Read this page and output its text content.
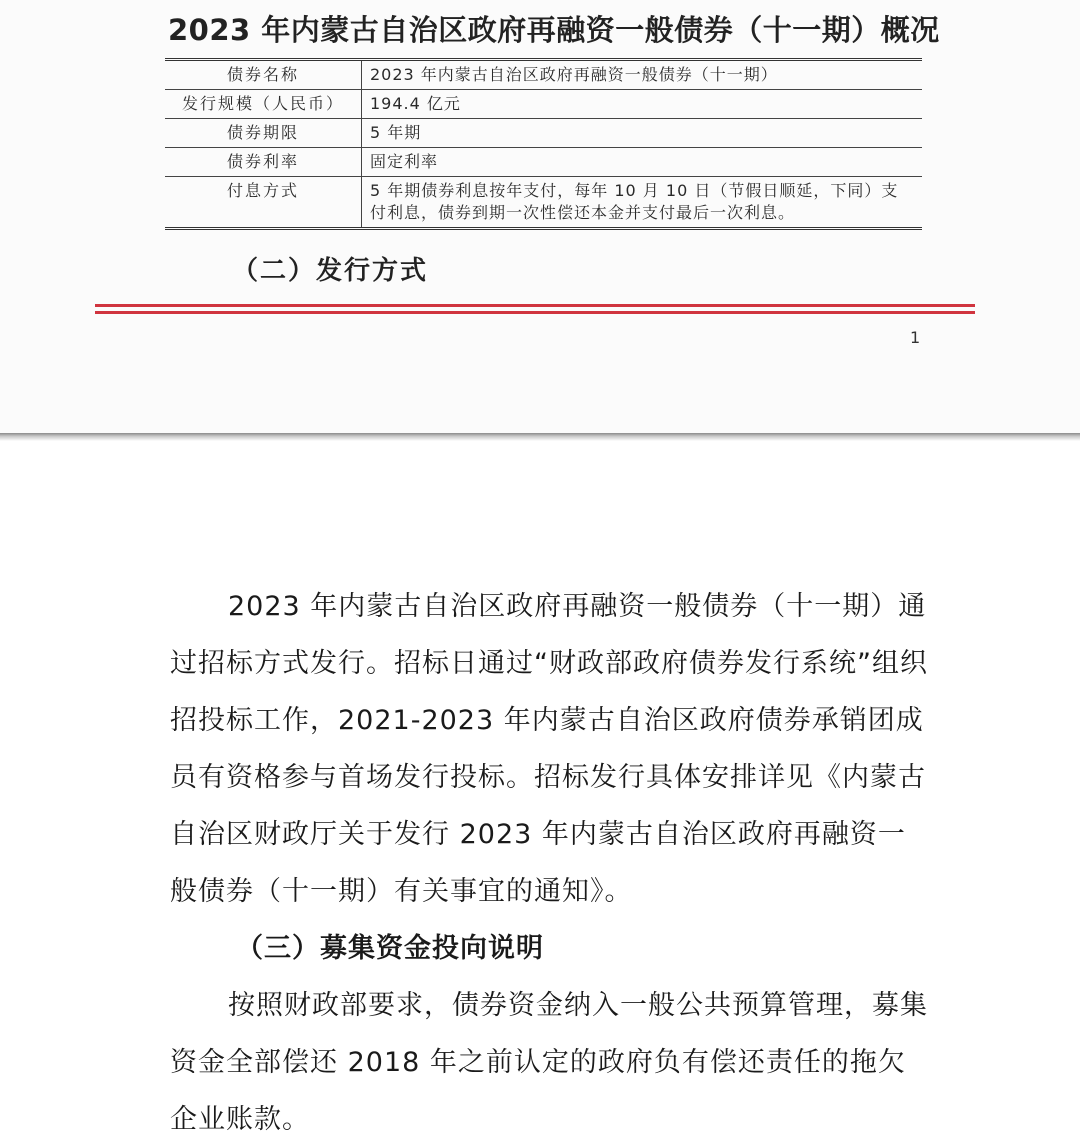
2023 年内蒙古自治区政府再融资一般债券（十一期）概况
债券名称	2023 年内蒙古自治区政府再融资一般债券（十一期）
发行规模（人民币）	194.4 亿元
债券期限	5 年期
债券利率	固定利率
付息方式	5 年期债券利息按年支付，每年 10 月 10 日（节假日顺延，下同）支付利息，债券到期一次性偿还本金并支付最后一次利息。
（二）发行方式
1

2023 年内蒙古自治区政府再融资一般债券（十一期）通过招标方式发行。招标日通过“财政部政府债券发行系统”组织招投标工作，2021-2023 年内蒙古自治区政府债券承销团成员有资格参与首场发行投标。招标发行具体安排详见《内蒙古自治区财政厅关于发行 2023 年内蒙古自治区政府再融资一般债券（十一期）有关事宜的通知》。

（三）募集资金投向说明

按照财政部要求，债券资金纳入一般公共预算管理，募集资金全部偿还 2018 年之前认定的政府负有偿还责任的拖欠企业账款。
